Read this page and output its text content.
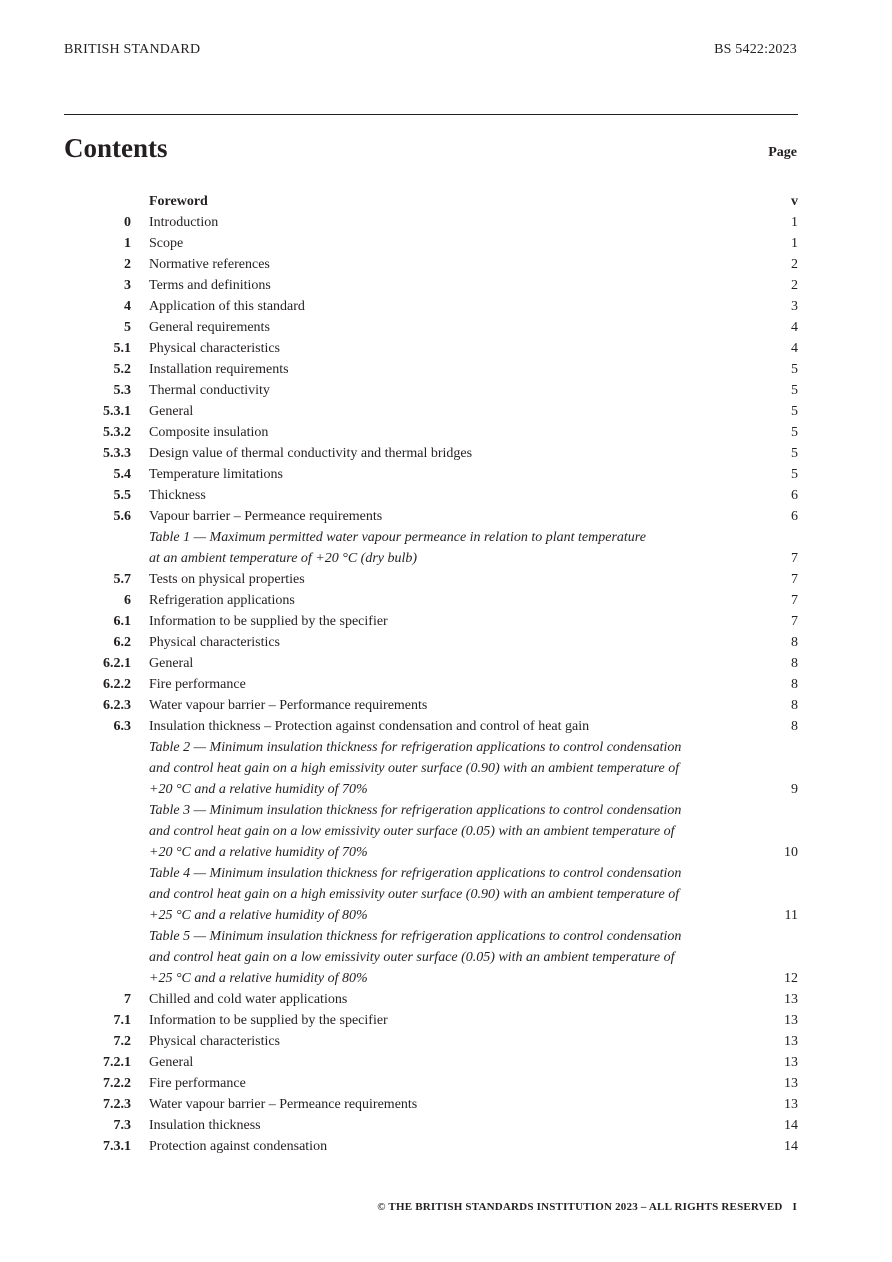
BRITISH STANDARD	BS 5422:2023
Contents	Page
Foreword	v
0 Introduction	1
1 Scope	1
2 Normative references	2
3 Terms and definitions	2
4 Application of this standard	3
5 General requirements	4
5.1 Physical characteristics	4
5.2 Installation requirements	5
5.3 Thermal conductivity	5
5.3.1 General	5
5.3.2 Composite insulation	5
5.3.3 Design value of thermal conductivity and thermal bridges	5
5.4 Temperature limitations	5
5.5 Thickness	6
5.6 Vapour barrier – Permeance requirements	6
Table 1 — Maximum permitted water vapour permeance in relation to plant temperature
at an ambient temperature of +20 °C (dry bulb)	7
5.7 Tests on physical properties	7
6 Refrigeration applications	7
6.1 Information to be supplied by the specifier	7
6.2 Physical characteristics	8
6.2.1 General	8
6.2.2 Fire performance	8
6.2.3 Water vapour barrier – Performance requirements	8
6.3 Insulation thickness – Protection against condensation and control of heat gain	8
Table 2 — Minimum insulation thickness for refrigeration applications to control condensation
and control heat gain on a high emissivity outer surface (0.90) with an ambient temperature of
+20 °C and a relative humidity of 70%	9
Table 3 — Minimum insulation thickness for refrigeration applications to control condensation
and control heat gain on a low emissivity outer surface (0.05) with an ambient temperature of
+20 °C and a relative humidity of 70%	10
Table 4 — Minimum insulation thickness for refrigeration applications to control condensation
and control heat gain on a high emissivity outer surface (0.90) with an ambient temperature of
+25 °C and a relative humidity of 80%	11
Table 5 — Minimum insulation thickness for refrigeration applications to control condensation
and control heat gain on a low emissivity outer surface (0.05) with an ambient temperature of
+25 °C and a relative humidity of 80%	12
7 Chilled and cold water applications	13
7.1 Information to be supplied by the specifier	13
7.2 Physical characteristics	13
7.2.1 General	13
7.2.2 Fire performance	13
7.2.3 Water vapour barrier – Permeance requirements	13
7.3 Insulation thickness	14
7.3.1 Protection against condensation	14
© THE BRITISH STANDARDS INSTITUTION 2023 – ALL RIGHTS RESERVED I
